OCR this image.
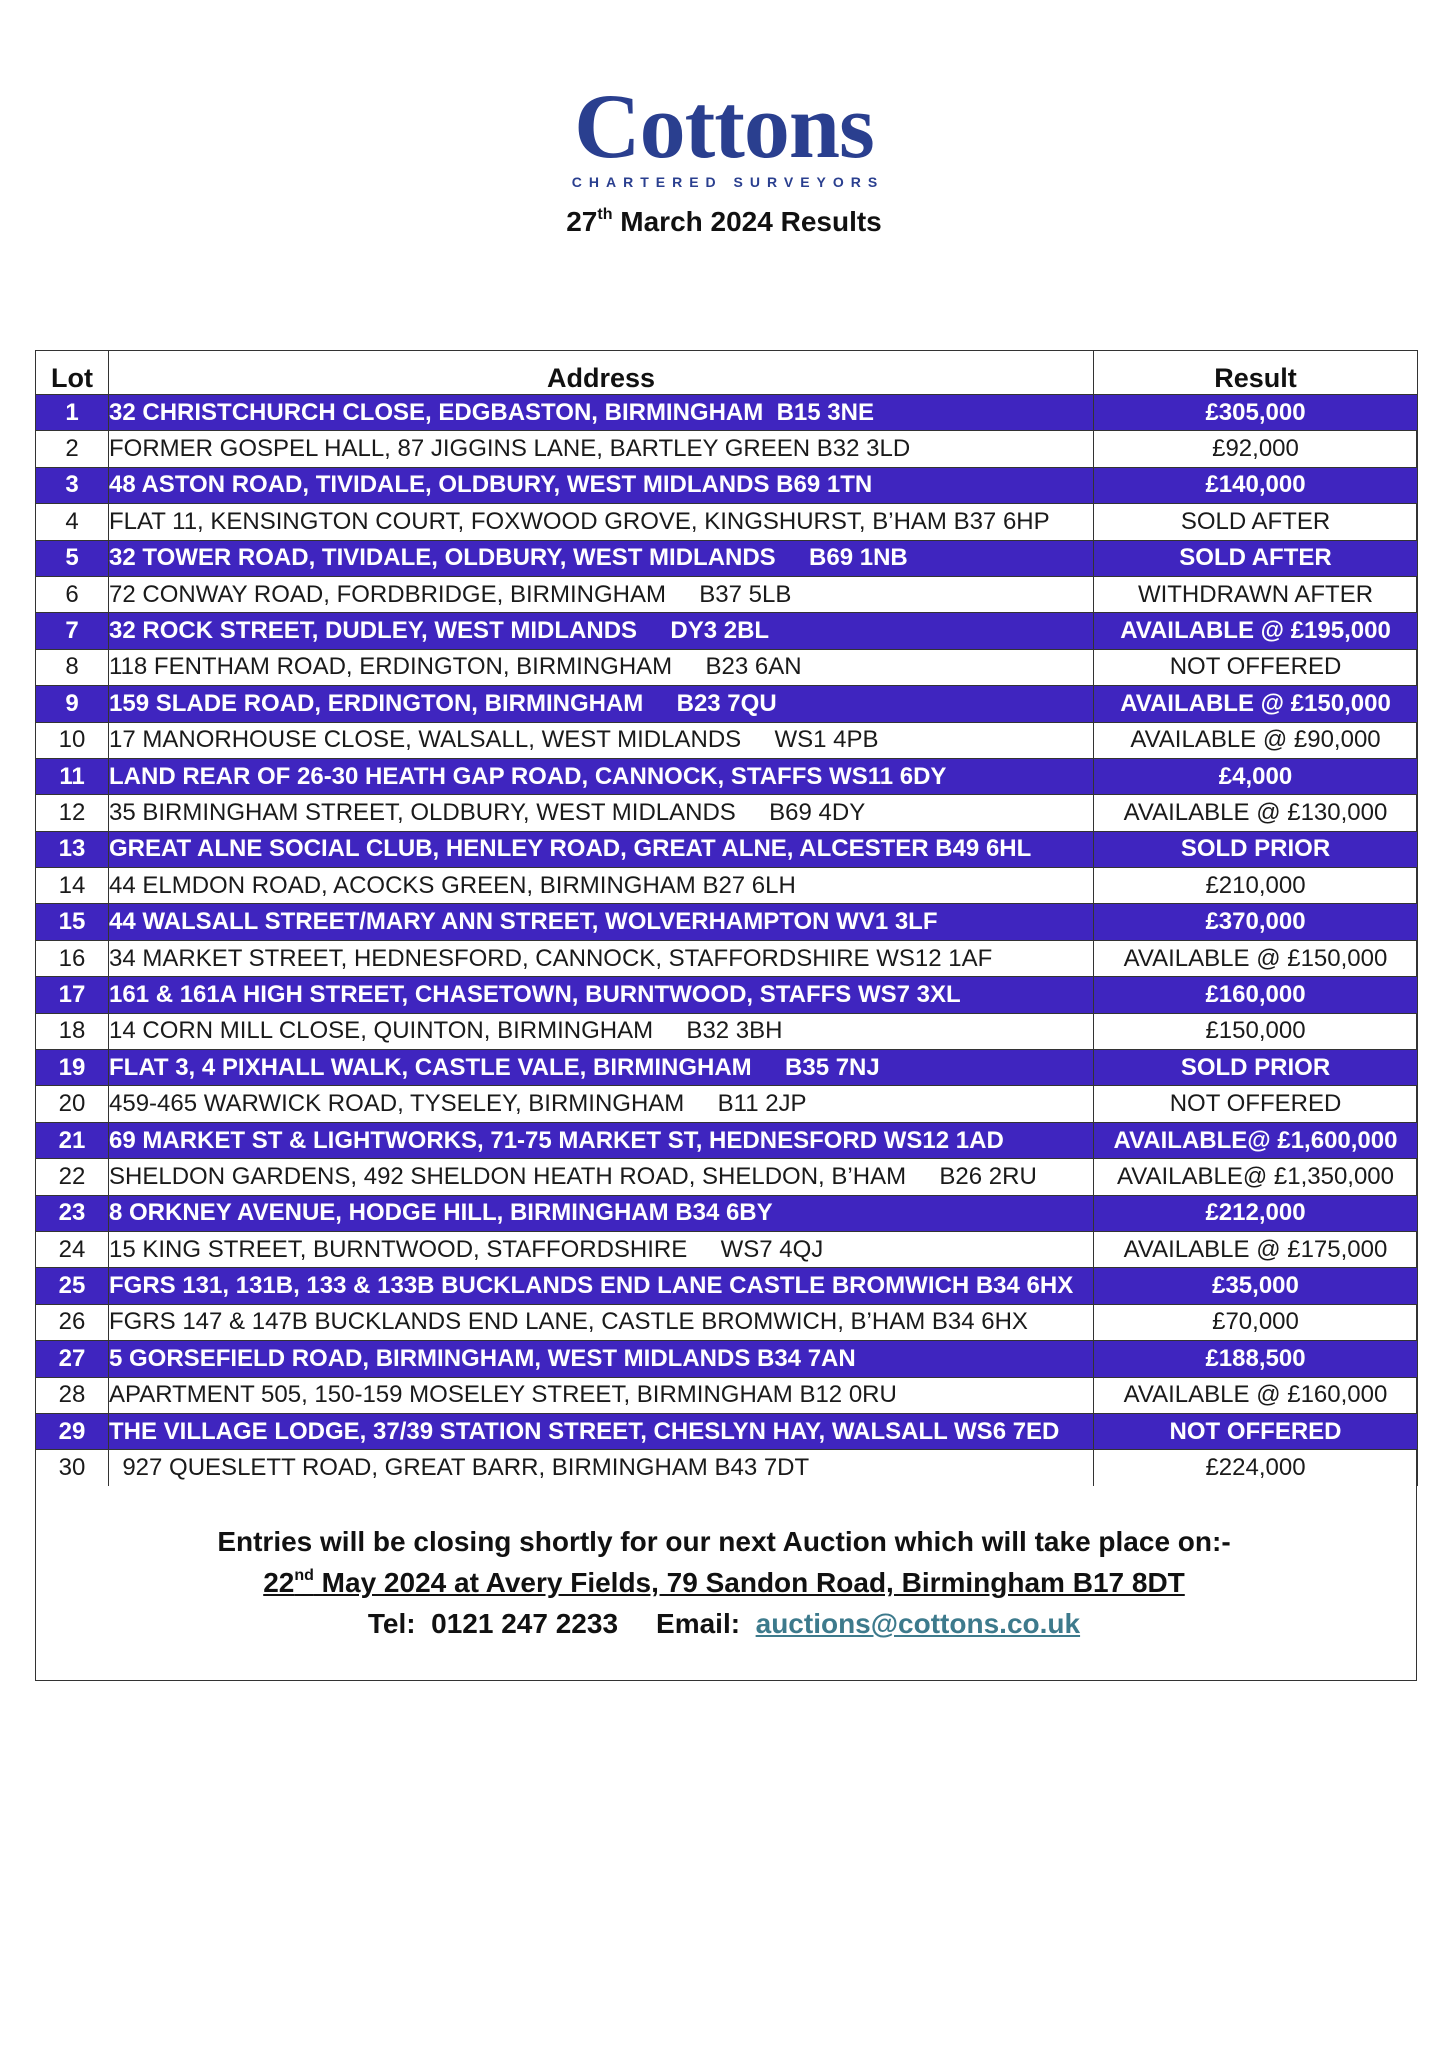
Cottons
CHARTERED SURVEYORS
27th March 2024 Results
Lot	Address	Result
1	32 CHRISTCHURCH CLOSE, EDGBASTON, BIRMINGHAM  B15 3NE	£305,000
2	FORMER GOSPEL HALL, 87 JIGGINS LANE, BARTLEY GREEN B32 3LD	£92,000
3	48 ASTON ROAD, TIVIDALE, OLDBURY, WEST MIDLANDS B69 1TN	£140,000
4	FLAT 11, KENSINGTON COURT, FOXWOOD GROVE, KINGSHURST, B’HAM B37 6HP	SOLD AFTER
5	32 TOWER ROAD, TIVIDALE, OLDBURY, WEST MIDLANDS     B69 1NB	SOLD AFTER
6	72 CONWAY ROAD, FORDBRIDGE, BIRMINGHAM     B37 5LB	WITHDRAWN AFTER
7	32 ROCK STREET, DUDLEY, WEST MIDLANDS     DY3 2BL	AVAILABLE @ £195,000
8	118 FENTHAM ROAD, ERDINGTON, BIRMINGHAM     B23 6AN	NOT OFFERED
9	159 SLADE ROAD, ERDINGTON, BIRMINGHAM     B23 7QU	AVAILABLE @ £150,000
10	17 MANORHOUSE CLOSE, WALSALL, WEST MIDLANDS     WS1 4PB	AVAILABLE @ £90,000
11	LAND REAR OF 26-30 HEATH GAP ROAD, CANNOCK, STAFFS WS11 6DY	£4,000
12	35 BIRMINGHAM STREET, OLDBURY, WEST MIDLANDS     B69 4DY	AVAILABLE @ £130,000
13	GREAT ALNE SOCIAL CLUB, HENLEY ROAD, GREAT ALNE, ALCESTER B49 6HL	SOLD PRIOR
14	44 ELMDON ROAD, ACOCKS GREEN, BIRMINGHAM B27 6LH	£210,000
15	44 WALSALL STREET/MARY ANN STREET, WOLVERHAMPTON WV1 3LF	£370,000
16	34 MARKET STREET, HEDNESFORD, CANNOCK, STAFFORDSHIRE WS12 1AF	AVAILABLE @ £150,000
17	161 & 161A HIGH STREET, CHASETOWN, BURNTWOOD, STAFFS WS7 3XL	£160,000
18	14 CORN MILL CLOSE, QUINTON, BIRMINGHAM     B32 3BH	£150,000
19	FLAT 3, 4 PIXHALL WALK, CASTLE VALE, BIRMINGHAM     B35 7NJ	SOLD PRIOR
20	459-465 WARWICK ROAD, TYSELEY, BIRMINGHAM     B11 2JP	NOT OFFERED
21	69 MARKET ST & LIGHTWORKS, 71-75 MARKET ST, HEDNESFORD WS12 1AD	AVAILABLE@ £1,600,000
22	SHELDON GARDENS, 492 SHELDON HEATH ROAD, SHELDON, B’HAM     B26 2RU	AVAILABLE@ £1,350,000
23	8 ORKNEY AVENUE, HODGE HILL, BIRMINGHAM B34 6BY	£212,000
24	15 KING STREET, BURNTWOOD, STAFFORDSHIRE     WS7 4QJ	AVAILABLE @ £175,000
25	FGRS 131, 131B, 133 & 133B BUCKLANDS END LANE CASTLE BROMWICH B34 6HX	£35,000
26	FGRS 147 & 147B BUCKLANDS END LANE, CASTLE BROMWICH, B’HAM B34 6HX	£70,000
27	5 GORSEFIELD ROAD, BIRMINGHAM, WEST MIDLANDS B34 7AN	£188,500
28	APARTMENT 505, 150-159 MOSELEY STREET, BIRMINGHAM B12 0RU	AVAILABLE @ £160,000
29	THE VILLAGE LODGE, 37/39 STATION STREET, CHESLYN HAY, WALSALL WS6 7ED	NOT OFFERED
30	927 QUESLETT ROAD, GREAT BARR, BIRMINGHAM B43 7DT	£224,000
Entries will be closing shortly for our next Auction which will take place on:-
22nd May 2024 at Avery Fields, 79 Sandon Road, Birmingham B17 8DT
Tel:  0121 247 2233 Email: auctions@cottons.co.uk
